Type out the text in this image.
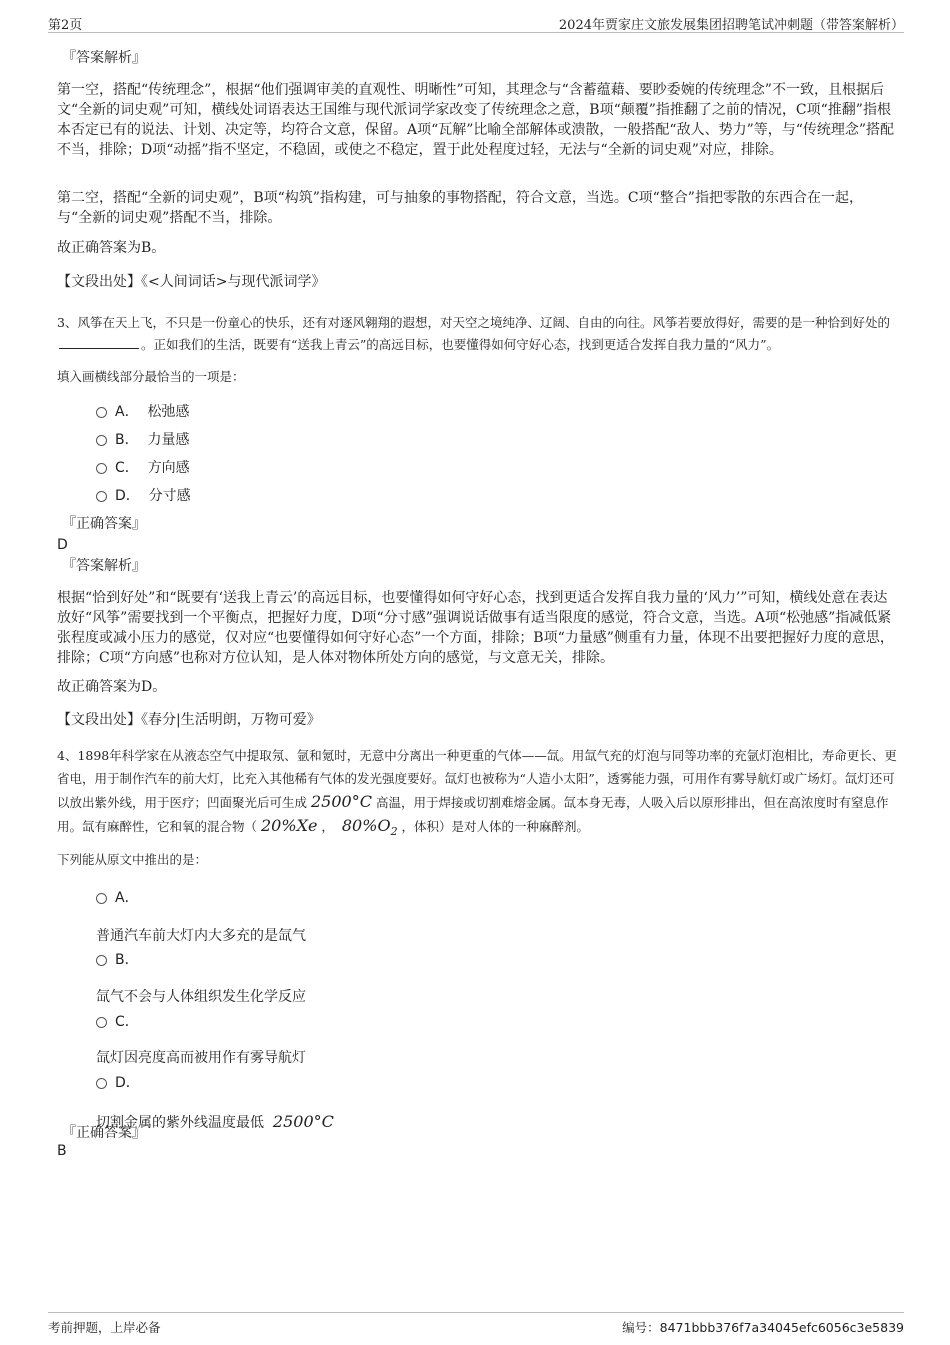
第2页	2024年贾家庄文旅发展集团招聘笔试冲刺题（带答案解析）
『答案解析』

第一空，搭配“传统理念”，根据“他们强调审美的直观性、明晰性”可知，其理念与“含蓄蕴藉、要眇委婉的传统理念”不一致，且根据后文“全新的词史观”可知，横线处词语表达王国维与现代派词学家改变了传统理念之意，B项“颠覆”指推翻了之前的情况，C项“推翻”指根本否定已有的说法、计划、决定等，均符合文意，保留。A项“瓦解”比喻全部解体或溃散，一般搭配“敌人、势力”等，与“传统理念”搭配不当，排除；D项“动摇”指不坚定，不稳固，或使之不稳定，置于此处程度过轻，无法与“全新的词史观”对应，排除。

第二空，搭配“全新的词史观”，B项“构筑”指构建，可与抽象的事物搭配，符合文意，当选。C项“整合”指把零散的东西合在一起，与“全新的词史观”搭配不当，排除。

故正确答案为B。
【文段出处】《<人间词话>与现代派词学》

3、风筝在天上飞，不只是一份童心的快乐，还有对逐风翱翔的遐想，对天空之境纯净、辽阔、自由的向往。风筝若要放得好，需要的是一种恰到好处的。正如我们的生活，既要有“送我上青云”的高远目标，也要懂得如何守好心态，找到更适合发挥自我力量的“风力”。

填入画横线部分最恰当的一项是：
A． 松弛感
B． 力量感
C． 方向感
D． 分寸感
『正确答案』
D
『答案解析』

根据“恰到好处”和“既要有‘送我上青云’的高远目标，也要懂得如何守好心态，找到更适合发挥自我力量的‘风力’”可知，横线处意在表达放好“风筝”需要找到一个平衡点，把握好力度，D项“分寸感”强调说话做事有适当限度的感觉，符合文意，当选。A项“松弛感”指减低紧张程度或减小压力的感觉，仅对应“也要懂得如何守好心态”一个方面，排除；B项“力量感”侧重有力量，体现不出要把握好力度的意思，排除；C项“方向感”也称对方位认知，是人体对物体所处方向的感觉，与文意无关，排除。

故正确答案为D。
【文段出处】《春分|生活明朗，万物可爱》

4、1898年科学家在从液态空气中提取氖、氩和氪时，无意中分离出一种更重的气体——氙。用氙气充的灯泡与同等功率的充氩灯泡相比，寿命更长、更省电，用于制作汽车的前大灯，比充入其他稀有气体的发光强度要好。氙灯也被称为“人造小太阳”，透雾能力强，可用作有雾导航灯或广场灯。氙灯还可以放出紫外线，用于医疗；凹面聚光后可生成 2500°C 高温，用于焊接或切割难熔金属。氙本身无毒，人吸入后以原形排出，但在高浓度时有窒息作用。氙有麻醉性，它和氧的混合物（ 20%Xe ， $80\%O_2$ ，体积）是对人体的一种麻醉剂。

下列能从原文中推出的是：
A．
普通汽车前大灯内大多充的是氙气
B．
氙气不会与人体组织发生化学反应
C．
氙灯因亮度高而被用作有雾导航灯
D．
切割金属的紫外线温度最低 2500°C
『正确答案』
B
考前押题，上岸必备	编号：8471bbb376f7a34045efc6056c3e5839
